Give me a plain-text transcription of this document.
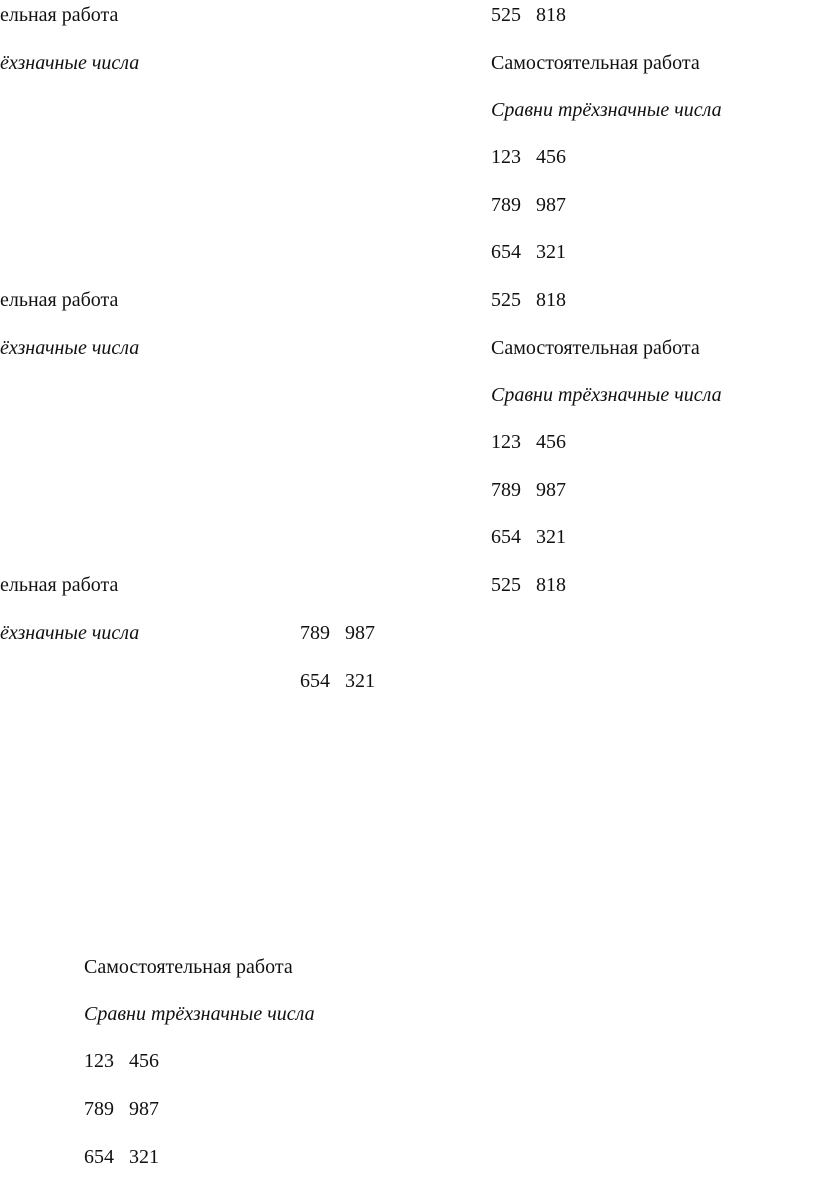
ельная работа
ёхзначные числа
ельная работа
ёхзначные числа
ельная работа
ёхзначные числа	789   987
654   321
525   818
Самостоятельная работа
Сравни трёхзначные числа
123   456
789   987
654   321
525   818
Самостоятельная работа
Сравни трёхзначные числа
123   456
789   987
654   321
525   818
Самостоятельная работа
Сравни трёхзначные числа
123   456
789   987
654   321
